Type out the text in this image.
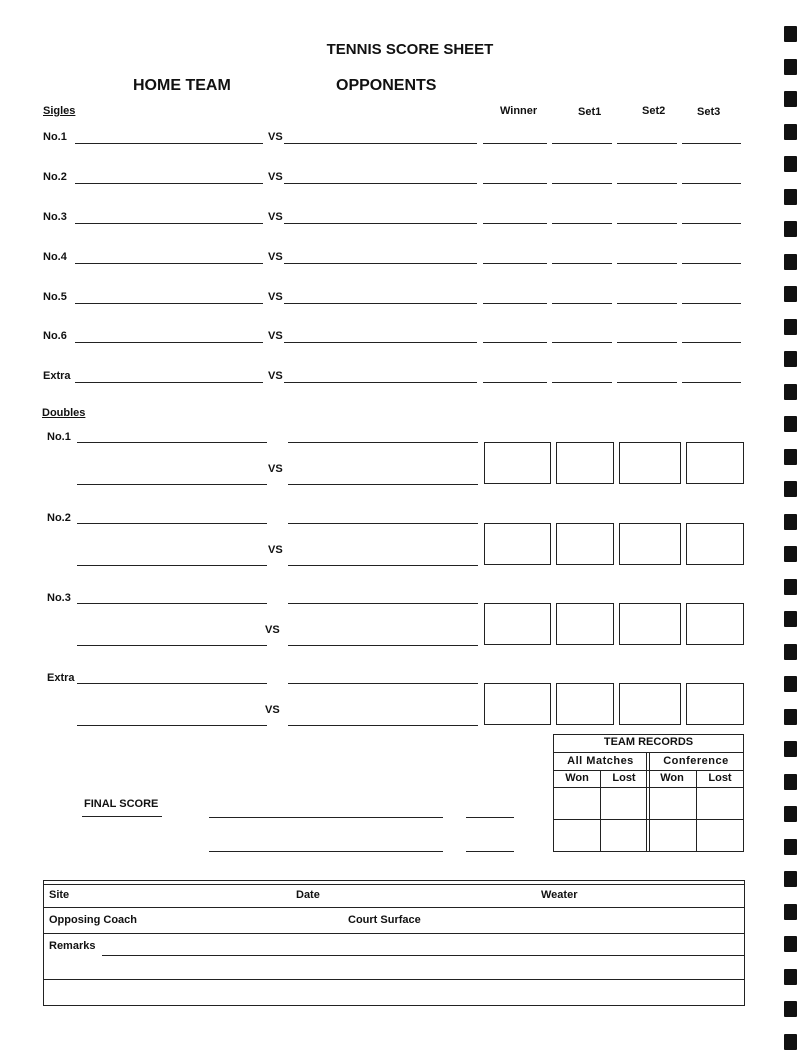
TENNIS SCORE SHEET
HOME TEAM	OPPONENTS
Sigles	Winner	Set1	Set2	Set3
No.1	VS
No.2	VS
No.3	VS
No.4	VS
No.5	VS
No.6	VS
Extra	VS
Doubles
No.1
VS
No.2
VS
No.3
VS
Extra
VS
TEAM RECORDS
All Matches	Conference
Won	Lost	Won	Lost
FINAL SCORE
Site	Date	Weater
Opposing Coach	Court Surface
Remarks
